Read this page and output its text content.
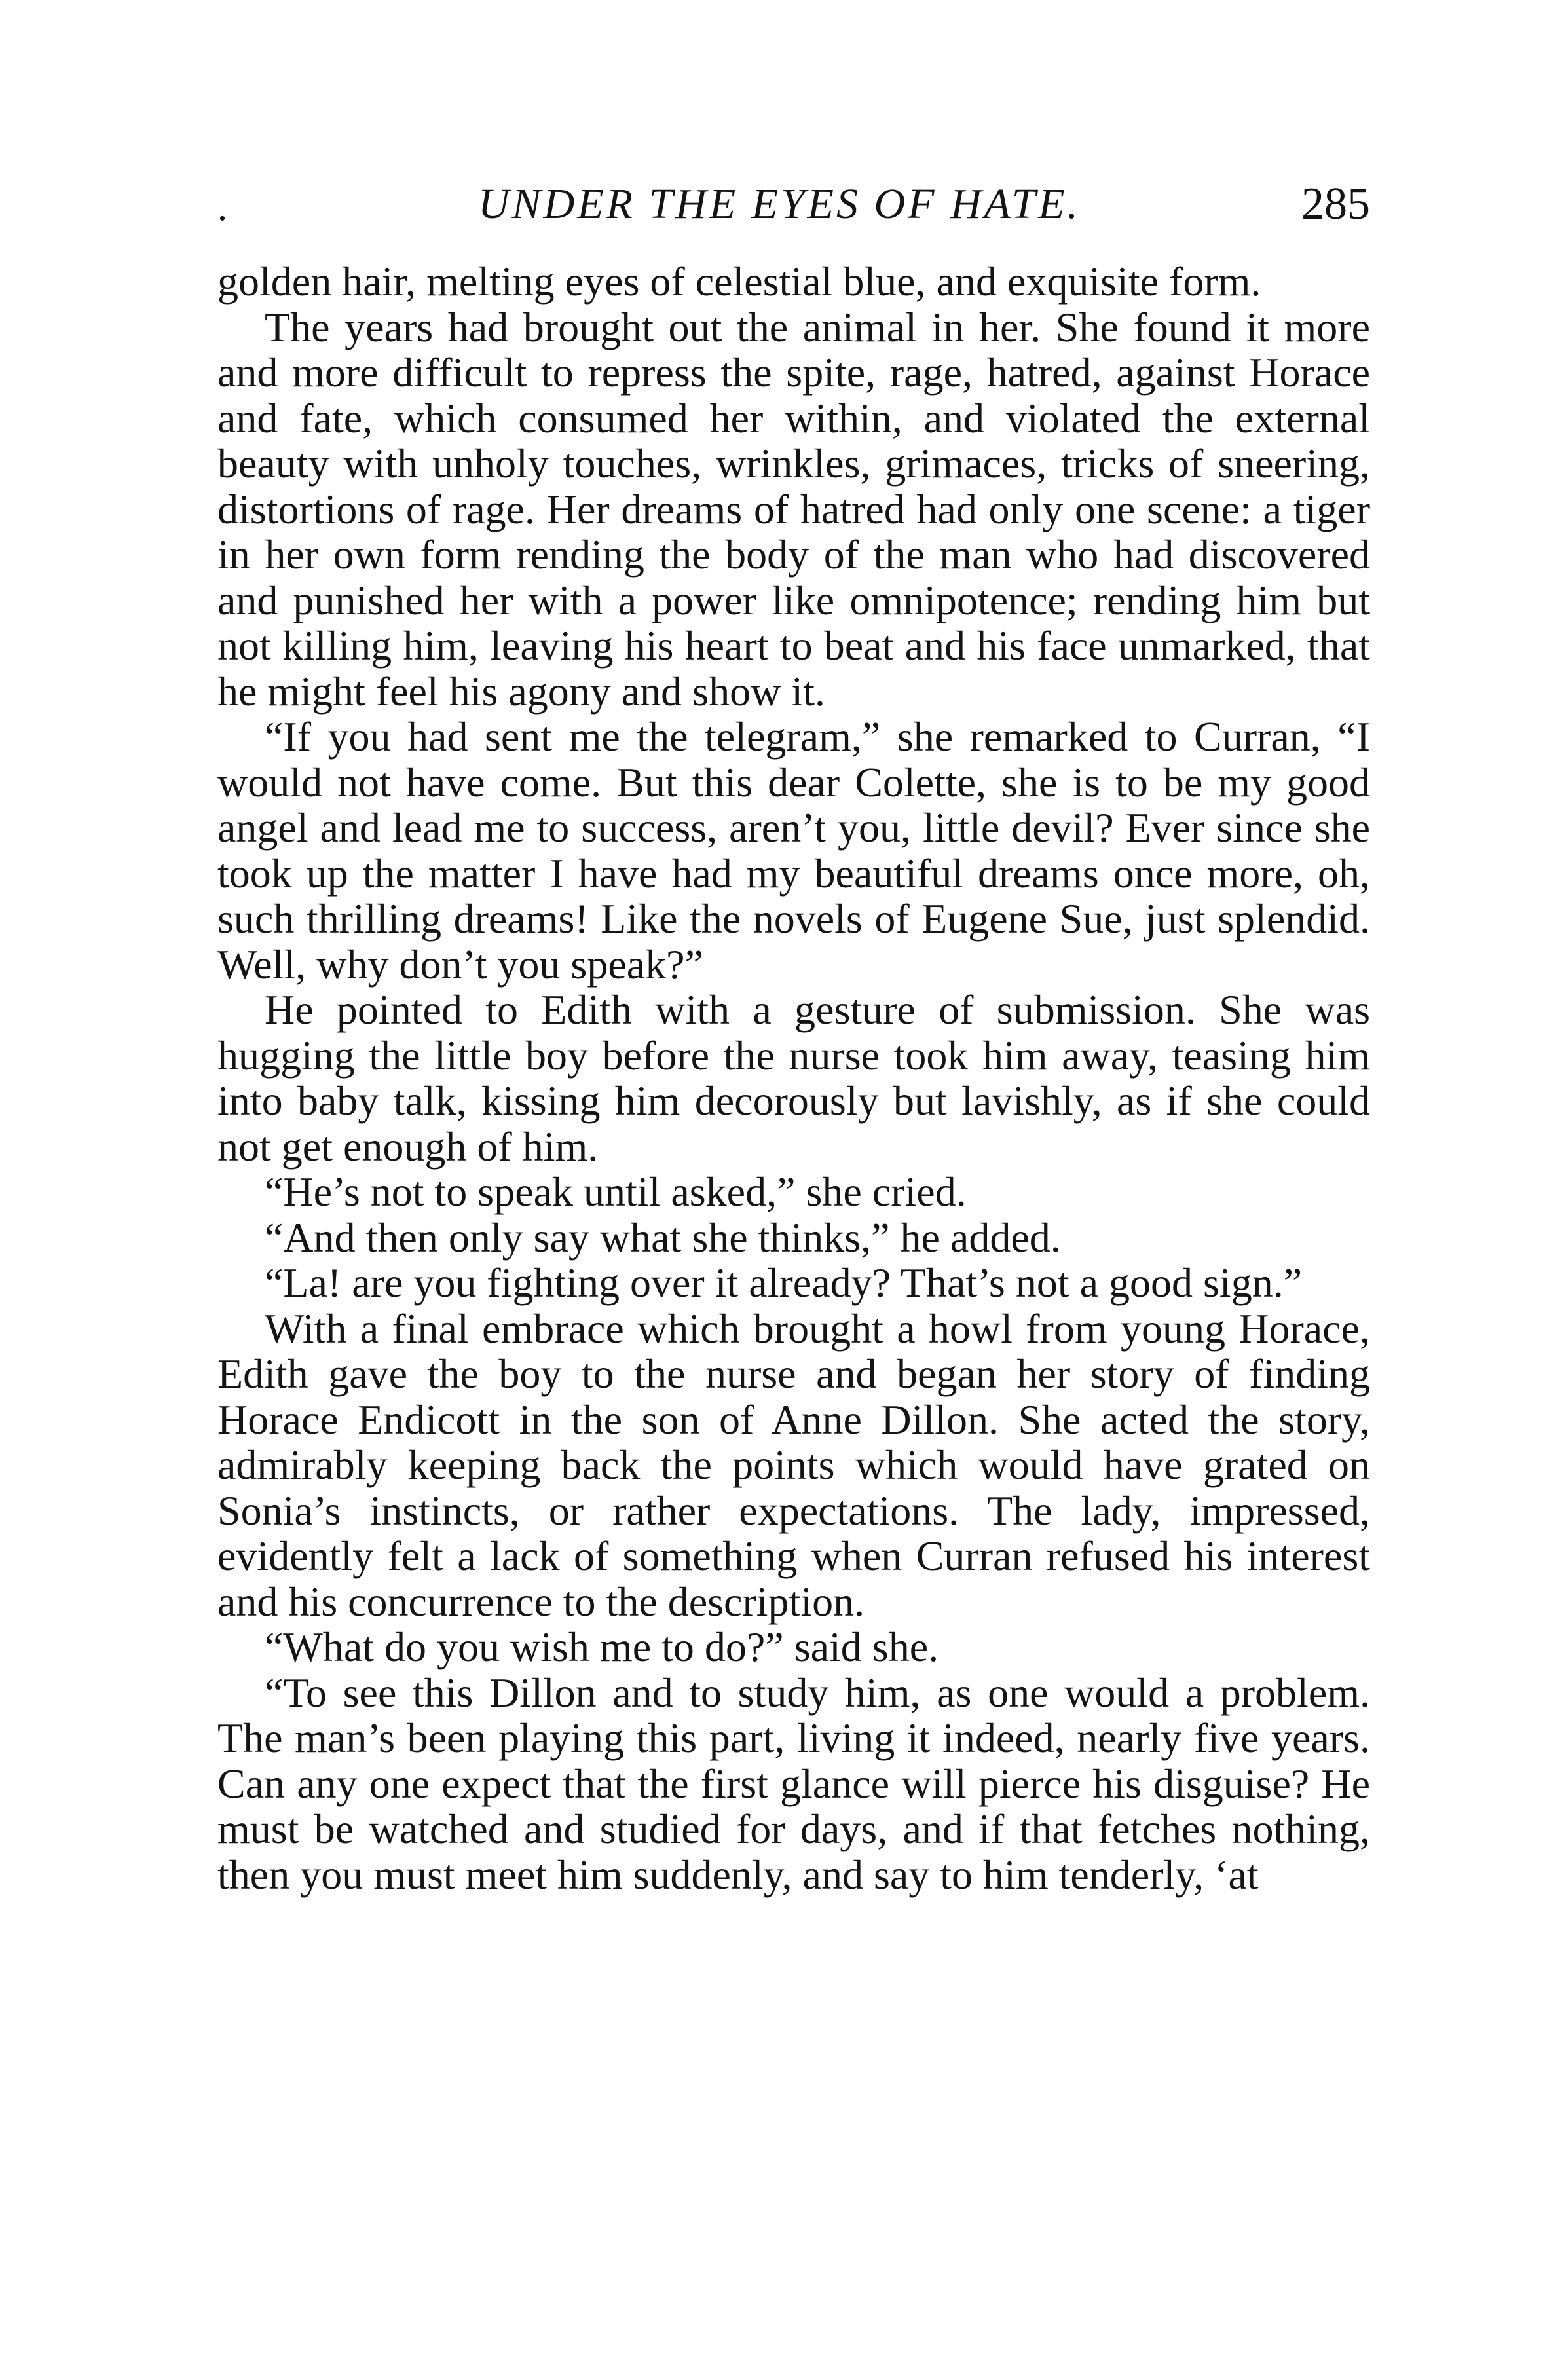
.	UNDER THE EYES OF HATE.	285

golden hair, melting eyes of celestial blue, and exquisite form.

The years had brought out the animal in her. She found it more and more difficult to repress the spite, rage, hatred, against Horace and fate, which consumed her within, and violated the external beauty with unholy touches, wrinkles, grimaces, tricks of sneering, distortions of rage. Her dreams of hatred had only one scene: a tiger in her own form rending the body of the man who had discovered and punished her with a power like omnipotence; rending him but not killing him, leaving his heart to beat and his face unmarked, that he might feel his agony and show it.

“If you had sent me the telegram,” she remarked to Curran, “I would not have come. But this dear Colette, she is to be my good angel and lead me to success, aren’t you, little devil? Ever since she took up the matter I have had my beautiful dreams once more, oh, such thrilling dreams! Like the novels of Eugene Sue, just splendid. Well, why don’t you speak?”

He pointed to Edith with a gesture of submission. She was hugging the little boy before the nurse took him away, teasing him into baby talk, kissing him decorously but lavishly, as if she could not get enough of him.

“He’s not to speak until asked,” she cried.

“And then only say what she thinks,” he added.

“La! are you fighting over it already? That’s not a good sign.”

With a final embrace which brought a howl from young Horace, Edith gave the boy to the nurse and began her story of finding Horace Endicott in the son of Anne Dillon. She acted the story, admirably keeping back the points which would have grated on Sonia’s instincts, or rather expectations. The lady, impressed, evidently felt a lack of something when Curran refused his interest and his concurrence to the description.

“What do you wish me to do?” said she.

“To see this Dillon and to study him, as one would a problem. The man’s been playing this part, living it indeed, nearly five years. Can any one expect that the first glance will pierce his disguise? He must be watched and studied for days, and if that fetches nothing, then you must meet him suddenly, and say to him tenderly, ‘at
